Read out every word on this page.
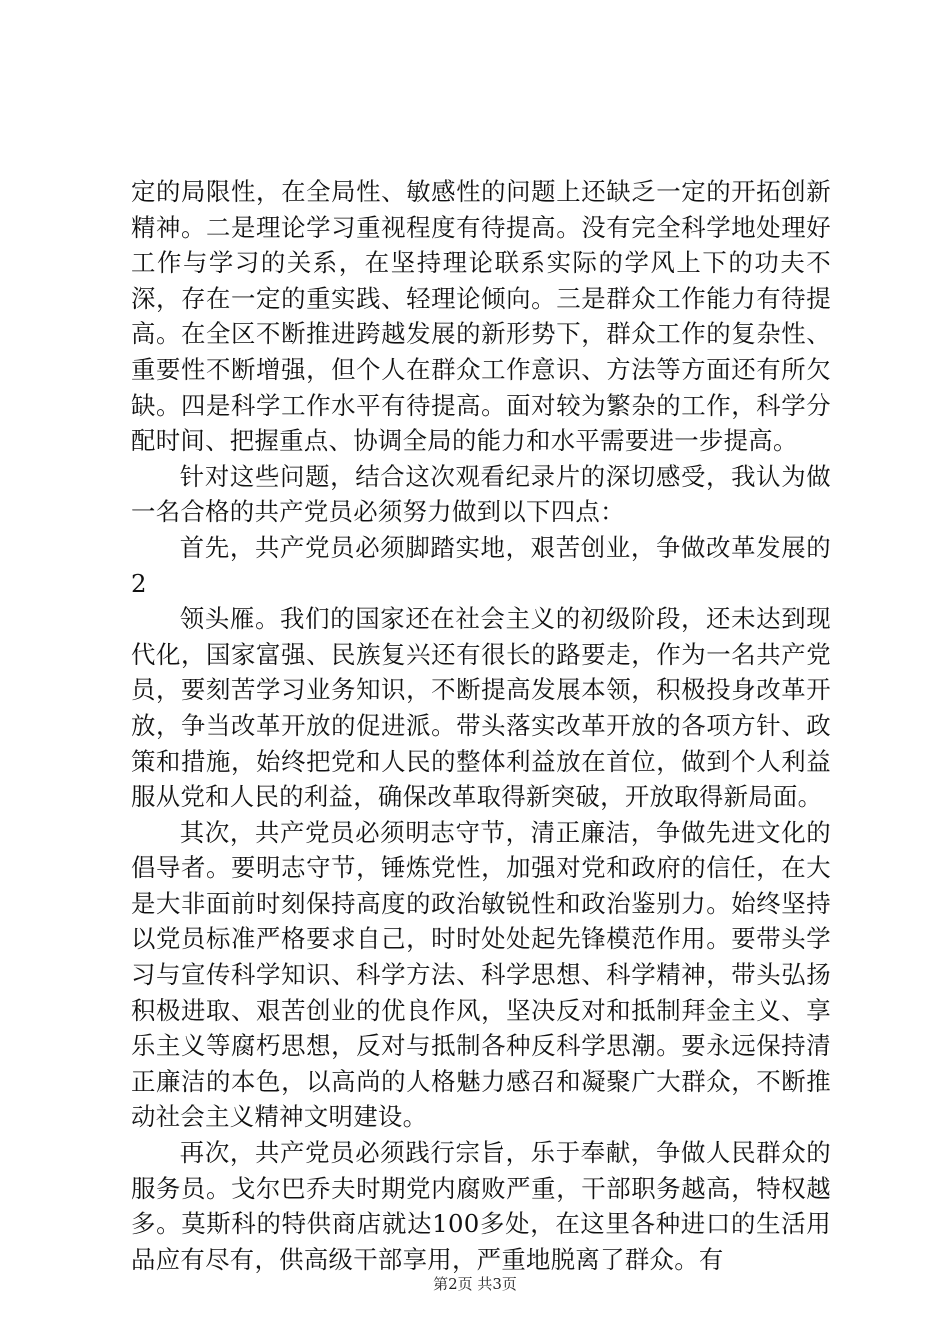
定的局限性，在全局性、敏感性的问题上还缺乏一定的开拓创新精神。二是理论学习重视程度有待提高。没有完全科学地处理好工作与学习的关系，在坚持理论联系实际的学风上下的功夫不深，存在一定的重实践、轻理论倾向。三是群众工作能力有待提高。在全区不断推进跨越发展的新形势下，群众工作的复杂性、重要性不断增强，但个人在群众工作意识、方法等方面还有所欠缺。四是科学工作水平有待提高。面对较为繁杂的工作，科学分配时间、把握重点、协调全局的能力和水平需要进一步提高。

针对这些问题，结合这次观看纪录片的深切感受，我认为做一名合格的共产党员必须努力做到以下四点：

首先，共产党员必须脚踏实地，艰苦创业，争做改革发展的2

领头雁。我们的国家还在社会主义的初级阶段，还未达到现代化，国家富强、民族复兴还有很长的路要走，作为一名共产党员，要刻苦学习业务知识，不断提高发展本领，积极投身改革开放，争当改革开放的促进派。带头落实改革开放的各项方针、政策和措施，始终把党和人民的整体利益放在首位，做到个人利益服从党和人民的利益，确保改革取得新突破，开放取得新局面。

其次，共产党员必须明志守节，清正廉洁，争做先进文化的倡导者。要明志守节，锤炼党性，加强对党和政府的信任，在大是大非面前时刻保持高度的政治敏锐性和政治鉴别力。始终坚持以党员标准严格要求自己，时时处处起先锋模范作用。要带头学习与宣传科学知识、科学方法、科学思想、科学精神，带头弘扬积极进取、艰苦创业的优良作风，坚决反对和抵制拜金主义、享乐主义等腐朽思想，反对与抵制各种反科学思潮。要永远保持清正廉洁的本色，以高尚的人格魅力感召和凝聚广大群众，不断推动社会主义精神文明建设。

再次，共产党员必须践行宗旨，乐于奉献，争做人民群众的服务员。戈尔巴乔夫时期党内腐败严重，干部职务越高，特权越多。莫斯科的特供商店就达100多处，在这里各种进口的生活用品应有尽有，供高级干部享用，严重地脱离了群众。有

第2页 共3页
